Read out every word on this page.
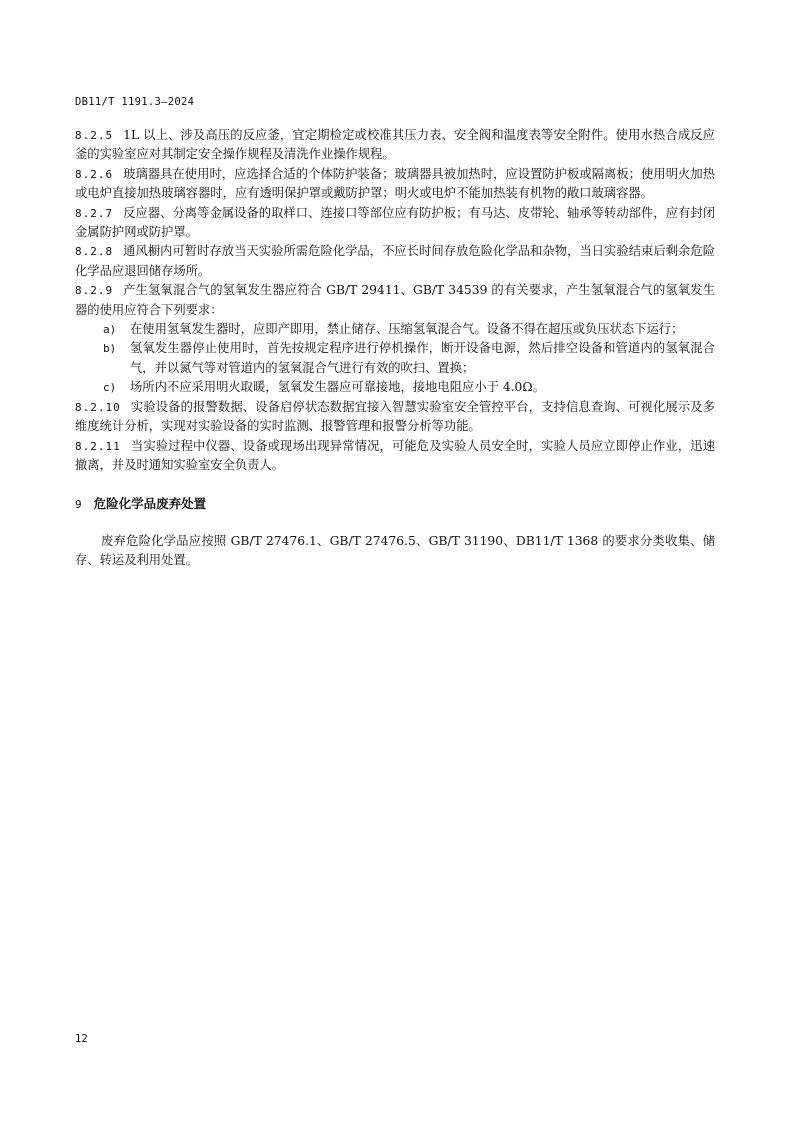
DB11/T 1191.3—2024

8.2.5 1L 以上、涉及高压的反应釜，宜定期检定或校准其压力表、安全阀和温度表等安全附件。使用水热合成反应釜的实验室应对其制定安全操作规程及清洗作业操作规程。

8.2.6 玻璃器具在使用时，应选择合适的个体防护装备；玻璃器具被加热时，应设置防护板或隔离板；使用明火加热或电炉直接加热玻璃容器时，应有透明保护罩或戴防护罩；明火或电炉不能加热装有机物的敞口玻璃容器。

8.2.7 反应器、分离等金属设备的取样口、连接口等部位应有防护板；有马达、皮带轮、轴承等转动部件，应有封闭金属防护网或防护罩。

8.2.8 通风橱内可暂时存放当天实验所需危险化学品，不应长时间存放危险化学品和杂物，当日实验结束后剩余危险化学品应退回储存场所。

8.2.9 产生氢氧混合气的氢氧发生器应符合 GB/T 29411、GB/T 34539 的有关要求，产生氢氧混合气的氢氧发生器的使用应符合下列要求：

a) 在使用氢氧发生器时，应即产即用，禁止储存、压缩氢氧混合气。设备不得在超压或负压状态下运行；

b) 氢氧发生器停止使用时，首先按规定程序进行停机操作，断开设备电源，然后排空设备和管道内的氢氧混合气，并以氮气等对管道内的氢氧混合气进行有效的吹扫、置换；

c) 场所内不应采用明火取暖，氢氧发生器应可靠接地，接地电阻应小于 4.0Ω。

8.2.10 实验设备的报警数据、设备启停状态数据宜接入智慧实验室安全管控平台，支持信息查询、可视化展示及多维度统计分析，实现对实验设备的实时监测、报警管理和报警分析等功能。

8.2.11 当实验过程中仪器、设备或现场出现异常情况，可能危及实验人员安全时，实验人员应立即停止作业，迅速撤离，并及时通知实验室安全负责人。

9 危险化学品废弃处置

废弃危险化学品应按照 GB/T 27476.1、GB/T 27476.5、GB/T 31190、DB11/T 1368 的要求分类收集、储存、转运及利用处置。

12
